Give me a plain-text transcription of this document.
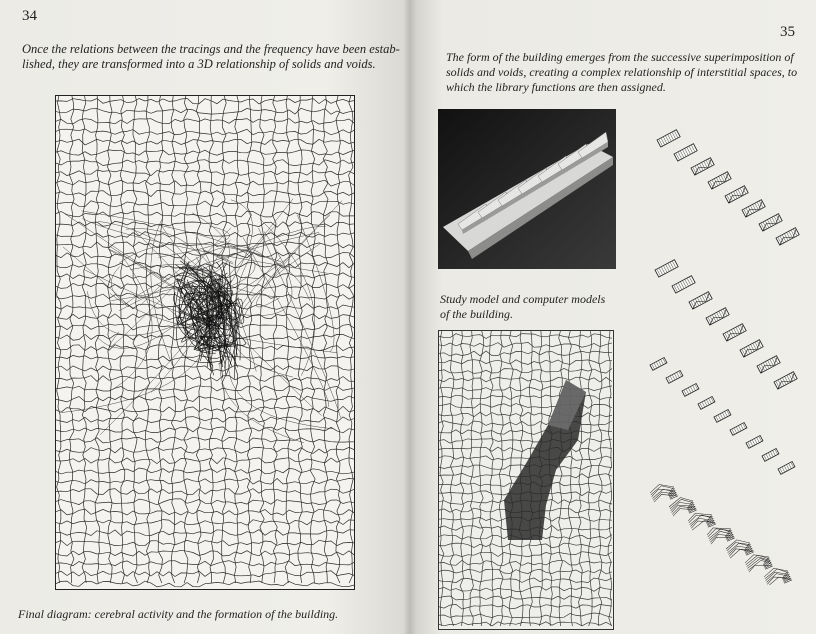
34
Once the relations between the tracings and the frequency have been estab-
lished, they are transformed into a 3D relationship of solids and voids.
Final diagram: cerebral activity and the formation of the building.
35
The form of the building emerges from the successive superimposition of
solids and voids, creating a complex relationship of interstitial spaces, to
which the library functions are then assigned.
Study model and computer models
of the building.
